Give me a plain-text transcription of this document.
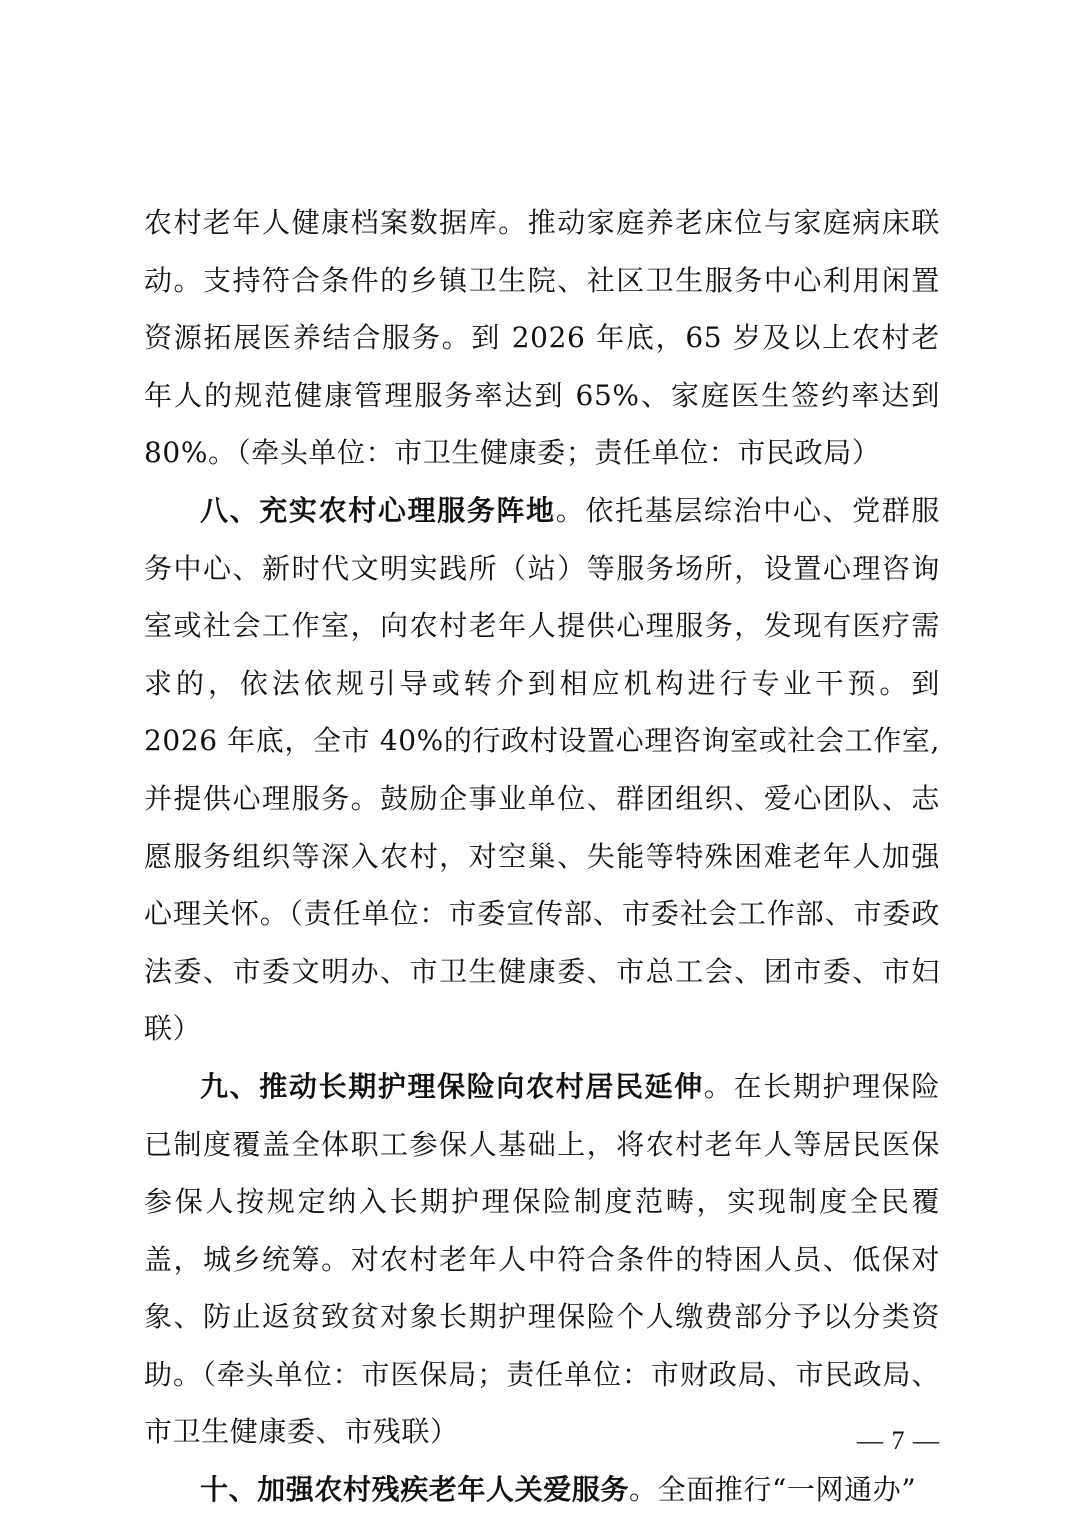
农村老年人健康档案数据库。推动家庭养老床位与家庭病床联动。支持符合条件的乡镇卫生院、社区卫生服务中心利用闲置资源拓展医养结合服务。到 2026 年底，65 岁及以上农村老年人的规范健康管理服务率达到 65%、家庭医生签约率达到 80%。（牵头单位：市卫生健康委；责任单位：市民政局）

八、充实农村心理服务阵地。依托基层综治中心、党群服务中心、新时代文明实践所（站）等服务场所，设置心理咨询室或社会工作室，向农村老年人提供心理服务，发现有医疗需求的，依法依规引导或转介到相应机构进行专业干预。到 2026 年底，全市 40%的行政村设置心理咨询室或社会工作室,并提供心理服务。鼓励企事业单位、群团组织、爱心团队、志愿服务组织等深入农村，对空巢、失能等特殊困难老年人加强心理关怀。（责任单位：市委宣传部、市委社会工作部、市委政法委、市委文明办、市卫生健康委、市总工会、团市委、市妇联）

九、推动长期护理保险向农村居民延伸。在长期护理保险已制度覆盖全体职工参保人基础上，将农村老年人等居民医保参保人按规定纳入长期护理保险制度范畴，实现制度全民覆盖，城乡统筹。对农村老年人中符合条件的特困人员、低保对象、防止返贫致贫对象长期护理保险个人缴费部分予以分类资助。（牵头单位：市医保局；责任单位：市财政局、市民政局、市卫生健康委、市残联）

十、加强农村残疾老年人关爱服务。全面推行“一网通办”

— 7 —
